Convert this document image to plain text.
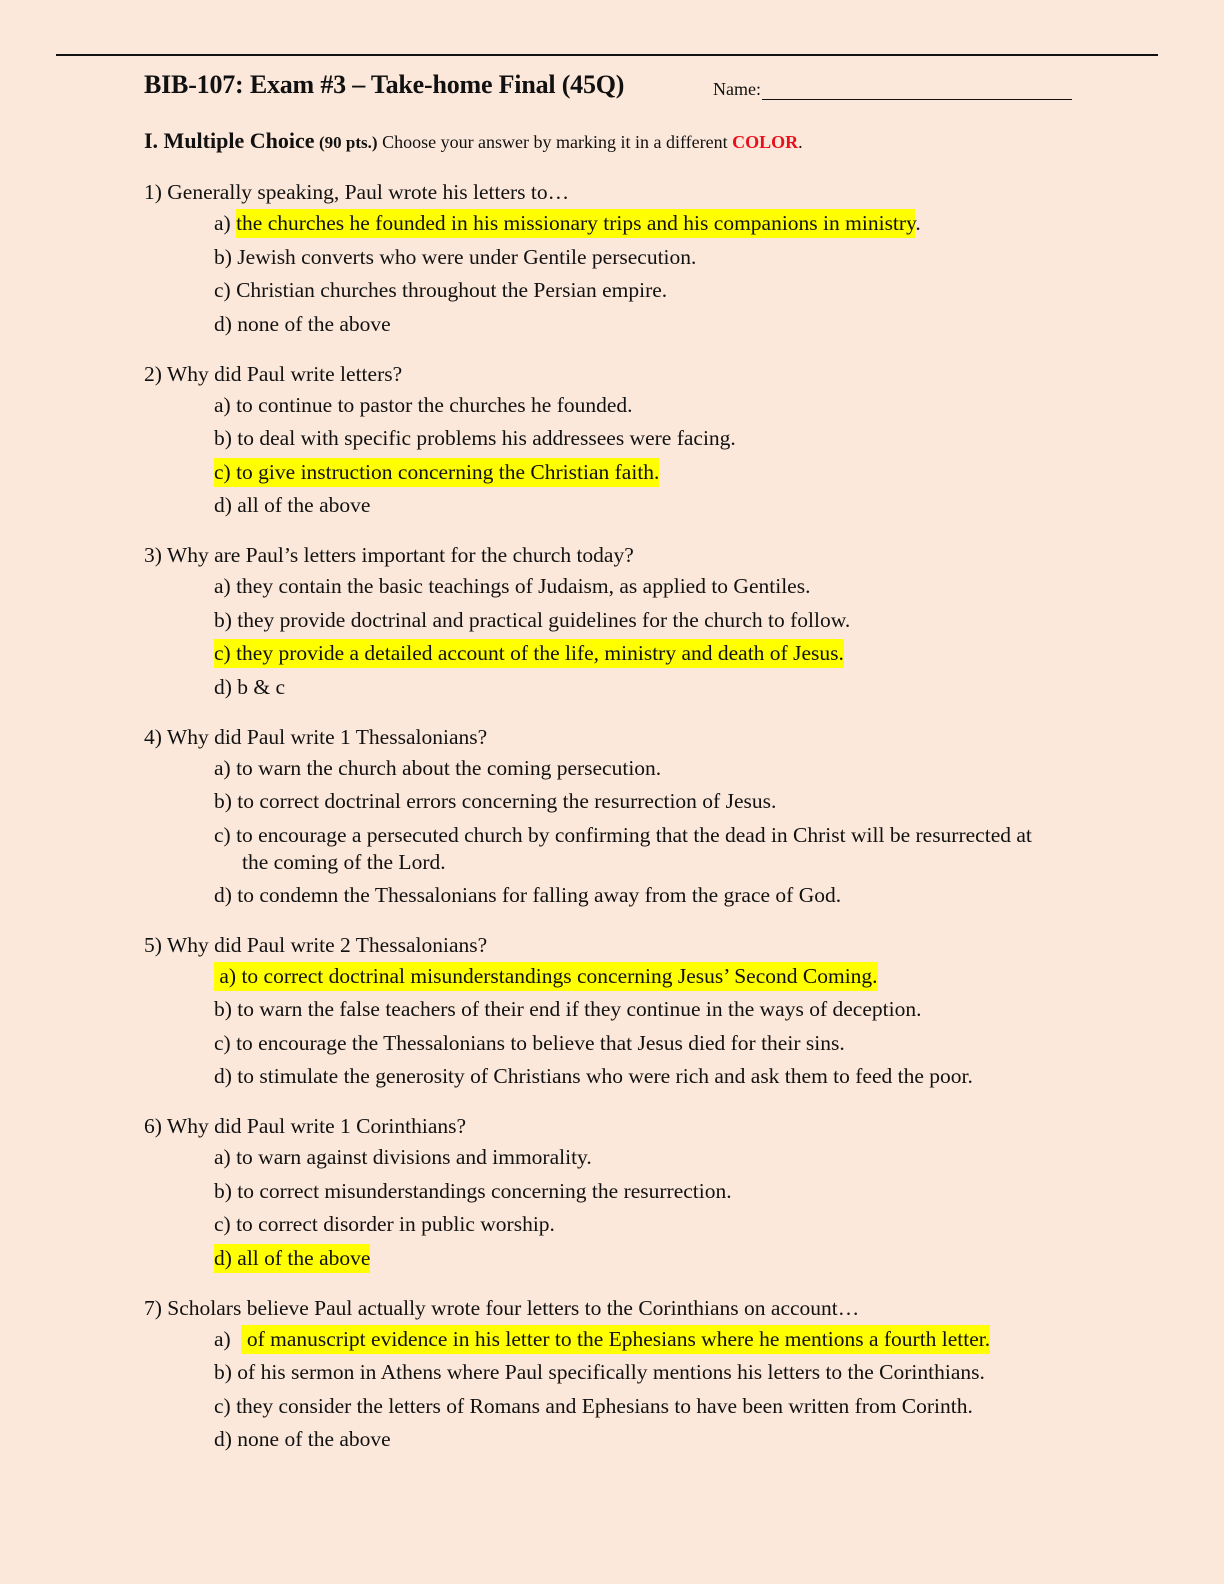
BIB-107: Exam #3 – Take-home Final (45Q)	Name:
I. Multiple Choice (90 pts.) Choose your answer by marking it in a different COLOR.
1) Generally speaking, Paul wrote his letters to…
a) the churches he founded in his missionary trips and his companions in ministry.
b) Jewish converts who were under Gentile persecution.
c) Christian churches throughout the Persian empire.
d) none of the above
2) Why did Paul write letters?
a) to continue to pastor the churches he founded.
b) to deal with specific problems his addressees were facing.
c) to give instruction concerning the Christian faith.
d) all of the above
3) Why are Paul’s letters important for the church today?
a) they contain the basic teachings of Judaism, as applied to Gentiles.
b) they provide doctrinal and practical guidelines for the church to follow.
c) they provide a detailed account of the life, ministry and death of Jesus.
d) b & c
4) Why did Paul write 1 Thessalonians?
a) to warn the church about the coming persecution.
b) to correct doctrinal errors concerning the resurrection of Jesus.
c) to encourage a persecuted church by confirming that the dead in Christ will be resurrected at the coming of the Lord.
d) to condemn the Thessalonians for falling away from the grace of God.
5) Why did Paul write 2 Thessalonians?
a) to correct doctrinal misunderstandings concerning Jesus’ Second Coming.
b) to warn the false teachers of their end if they continue in the ways of deception.
c) to encourage the Thessalonians to believe that Jesus died for their sins.
d) to stimulate the generosity of Christians who were rich and ask them to feed the poor.
6) Why did Paul write 1 Corinthians?
a) to warn against divisions and immorality.
b) to correct misunderstandings concerning the resurrection.
c) to correct disorder in public worship.
d) all of the above
7) Scholars believe Paul actually wrote four letters to the Corinthians on account…
a)   of manuscript evidence in his letter to the Ephesians where he mentions a fourth letter.
b) of his sermon in Athens where Paul specifically mentions his letters to the Corinthians.
c) they consider the letters of Romans and Ephesians to have been written from Corinth.
d) none of the above
